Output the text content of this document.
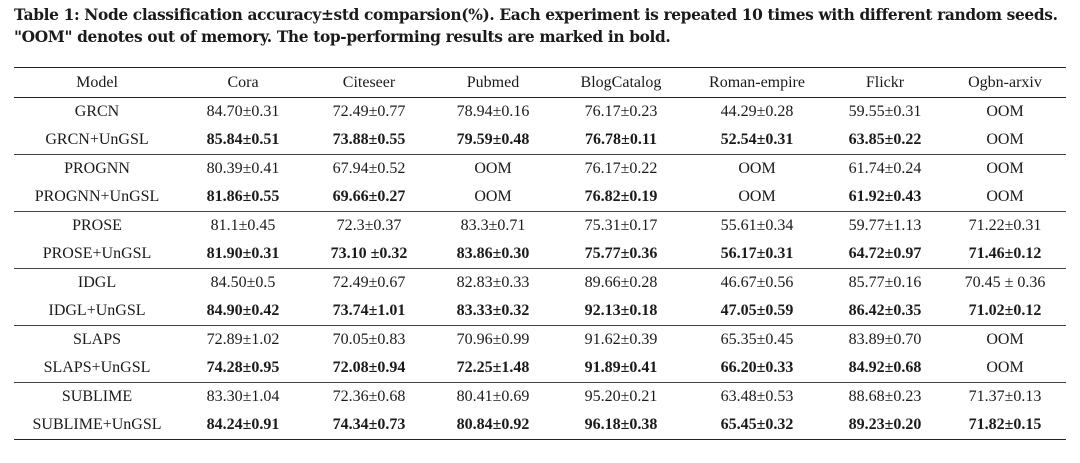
Table 1: Node classification accuracy±std comparsion(%). Each experiment is repeated 10 times with different random seeds.
"OOM" denotes out of memory. The top-performing results are marked in bold.
Model	Cora	Citeseer	Pubmed	BlogCatalog	Roman-empire	Flickr	Ogbn-arxiv
GRCN	84.70±0.31	72.49±0.77	78.94±0.16	76.17±0.23	44.29±0.28	59.55±0.31	OOM
GRCN+UnGSL	85.84±0.51	73.88±0.55	79.59±0.48	76.78±0.11	52.54±0.31	63.85±0.22	OOM
PROGNN	80.39±0.41	67.94±0.52	OOM	76.17±0.22	OOM	61.74±0.24	OOM
PROGNN+UnGSL	81.86±0.55	69.66±0.27	OOM	76.82±0.19	OOM	61.92±0.43	OOM
PROSE	81.1±0.45	72.3±0.37	83.3±0.71	75.31±0.17	55.61±0.34	59.77±1.13	71.22±0.31
PROSE+UnGSL	81.90±0.31	73.10 ±0.32	83.86±0.30	75.77±0.36	56.17±0.31	64.72±0.97	71.46±0.12
IDGL	84.50±0.5	72.49±0.67	82.83±0.33	89.66±0.28	46.67±0.56	85.77±0.16	70.45 ± 0.36
IDGL+UnGSL	84.90±0.42	73.74±1.01	83.33±0.32	92.13±0.18	47.05±0.59	86.42±0.35	71.02±0.12
SLAPS	72.89±1.02	70.05±0.83	70.96±0.99	91.62±0.39	65.35±0.45	83.89±0.70	OOM
SLAPS+UnGSL	74.28±0.95	72.08±0.94	72.25±1.48	91.89±0.41	66.20±0.33	84.92±0.68	OOM
SUBLIME	83.30±1.04	72.36±0.68	80.41±0.69	95.20±0.21	63.48±0.53	88.68±0.23	71.37±0.13
SUBLIME+UnGSL	84.24±0.91	74.34±0.73	80.84±0.92	96.18±0.38	65.45±0.32	89.23±0.20	71.82±0.15
